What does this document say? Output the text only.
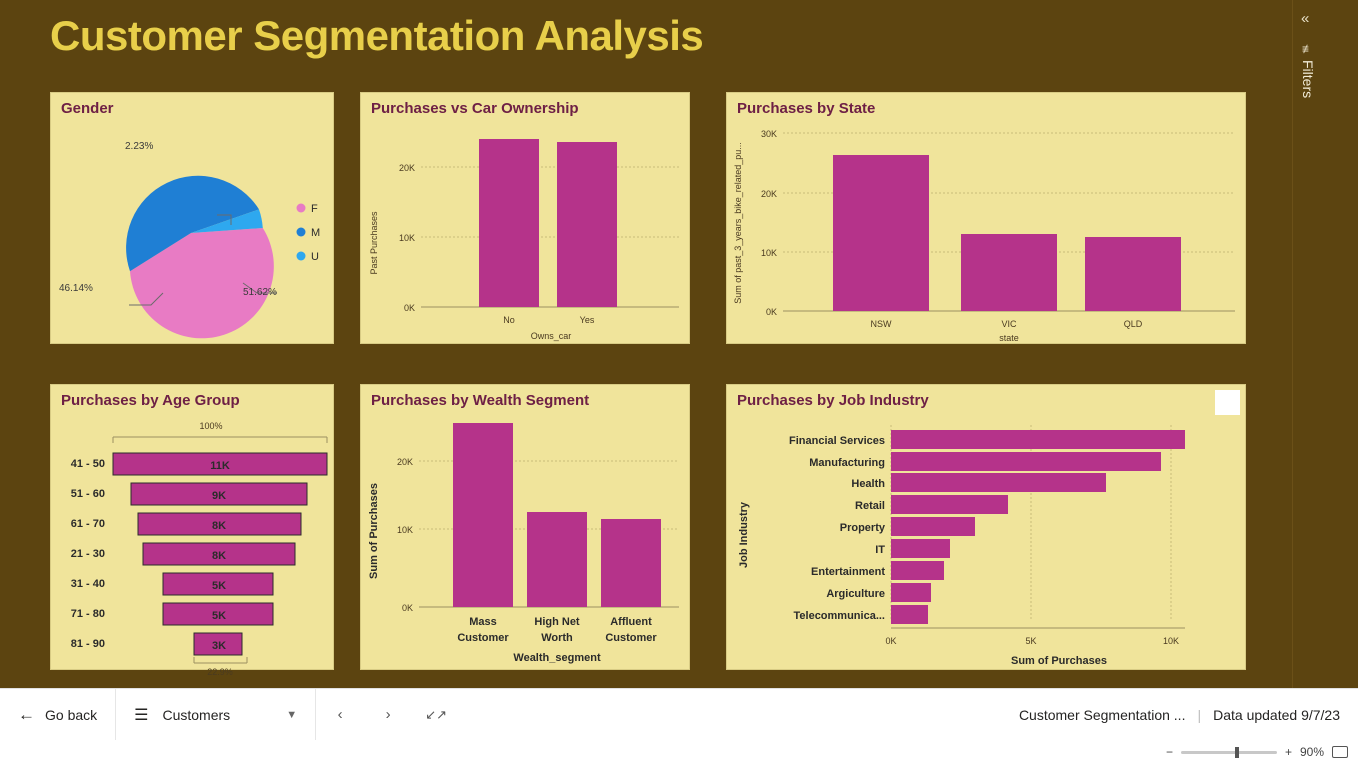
Customer Segmentation Analysis
Gender
2.23%
46.14%	51.62%
F
M
U
Purchases vs Car Ownership
0K
10K
20K
No	Yes
Owns_car
Past Purchases
Purchases by State
0K
10K
20K
30K
NSW	VIC	QLD
state
Sum of past_3_years_bike_related_pu...
Purchases by Age Group
100%
41 - 50	11K
51 - 60	9K
61 - 70	8K
21 - 30	8K
31 - 40	5K
71 - 80	5K
81 - 90	3K
22.9%
Purchases by Wealth Segment
0K
10K
20K
Mass
Customer
High Net
Worth
Affluent
Customer
Wealth_segment
Sum of Purchases
Purchases by Job Industry
Financial Services
Manufacturing
Health
Retail
Property
IT
Entertainment
Argiculture
Telecommunica...
0K	5K	10K
Sum of Purchases
Job Industry
«
≢
Filters
← Go back ☰ Customers	▼	‹	›	↙↗	Customer Segmentation ... | Data updated 9/7/23
−	+ 90%
